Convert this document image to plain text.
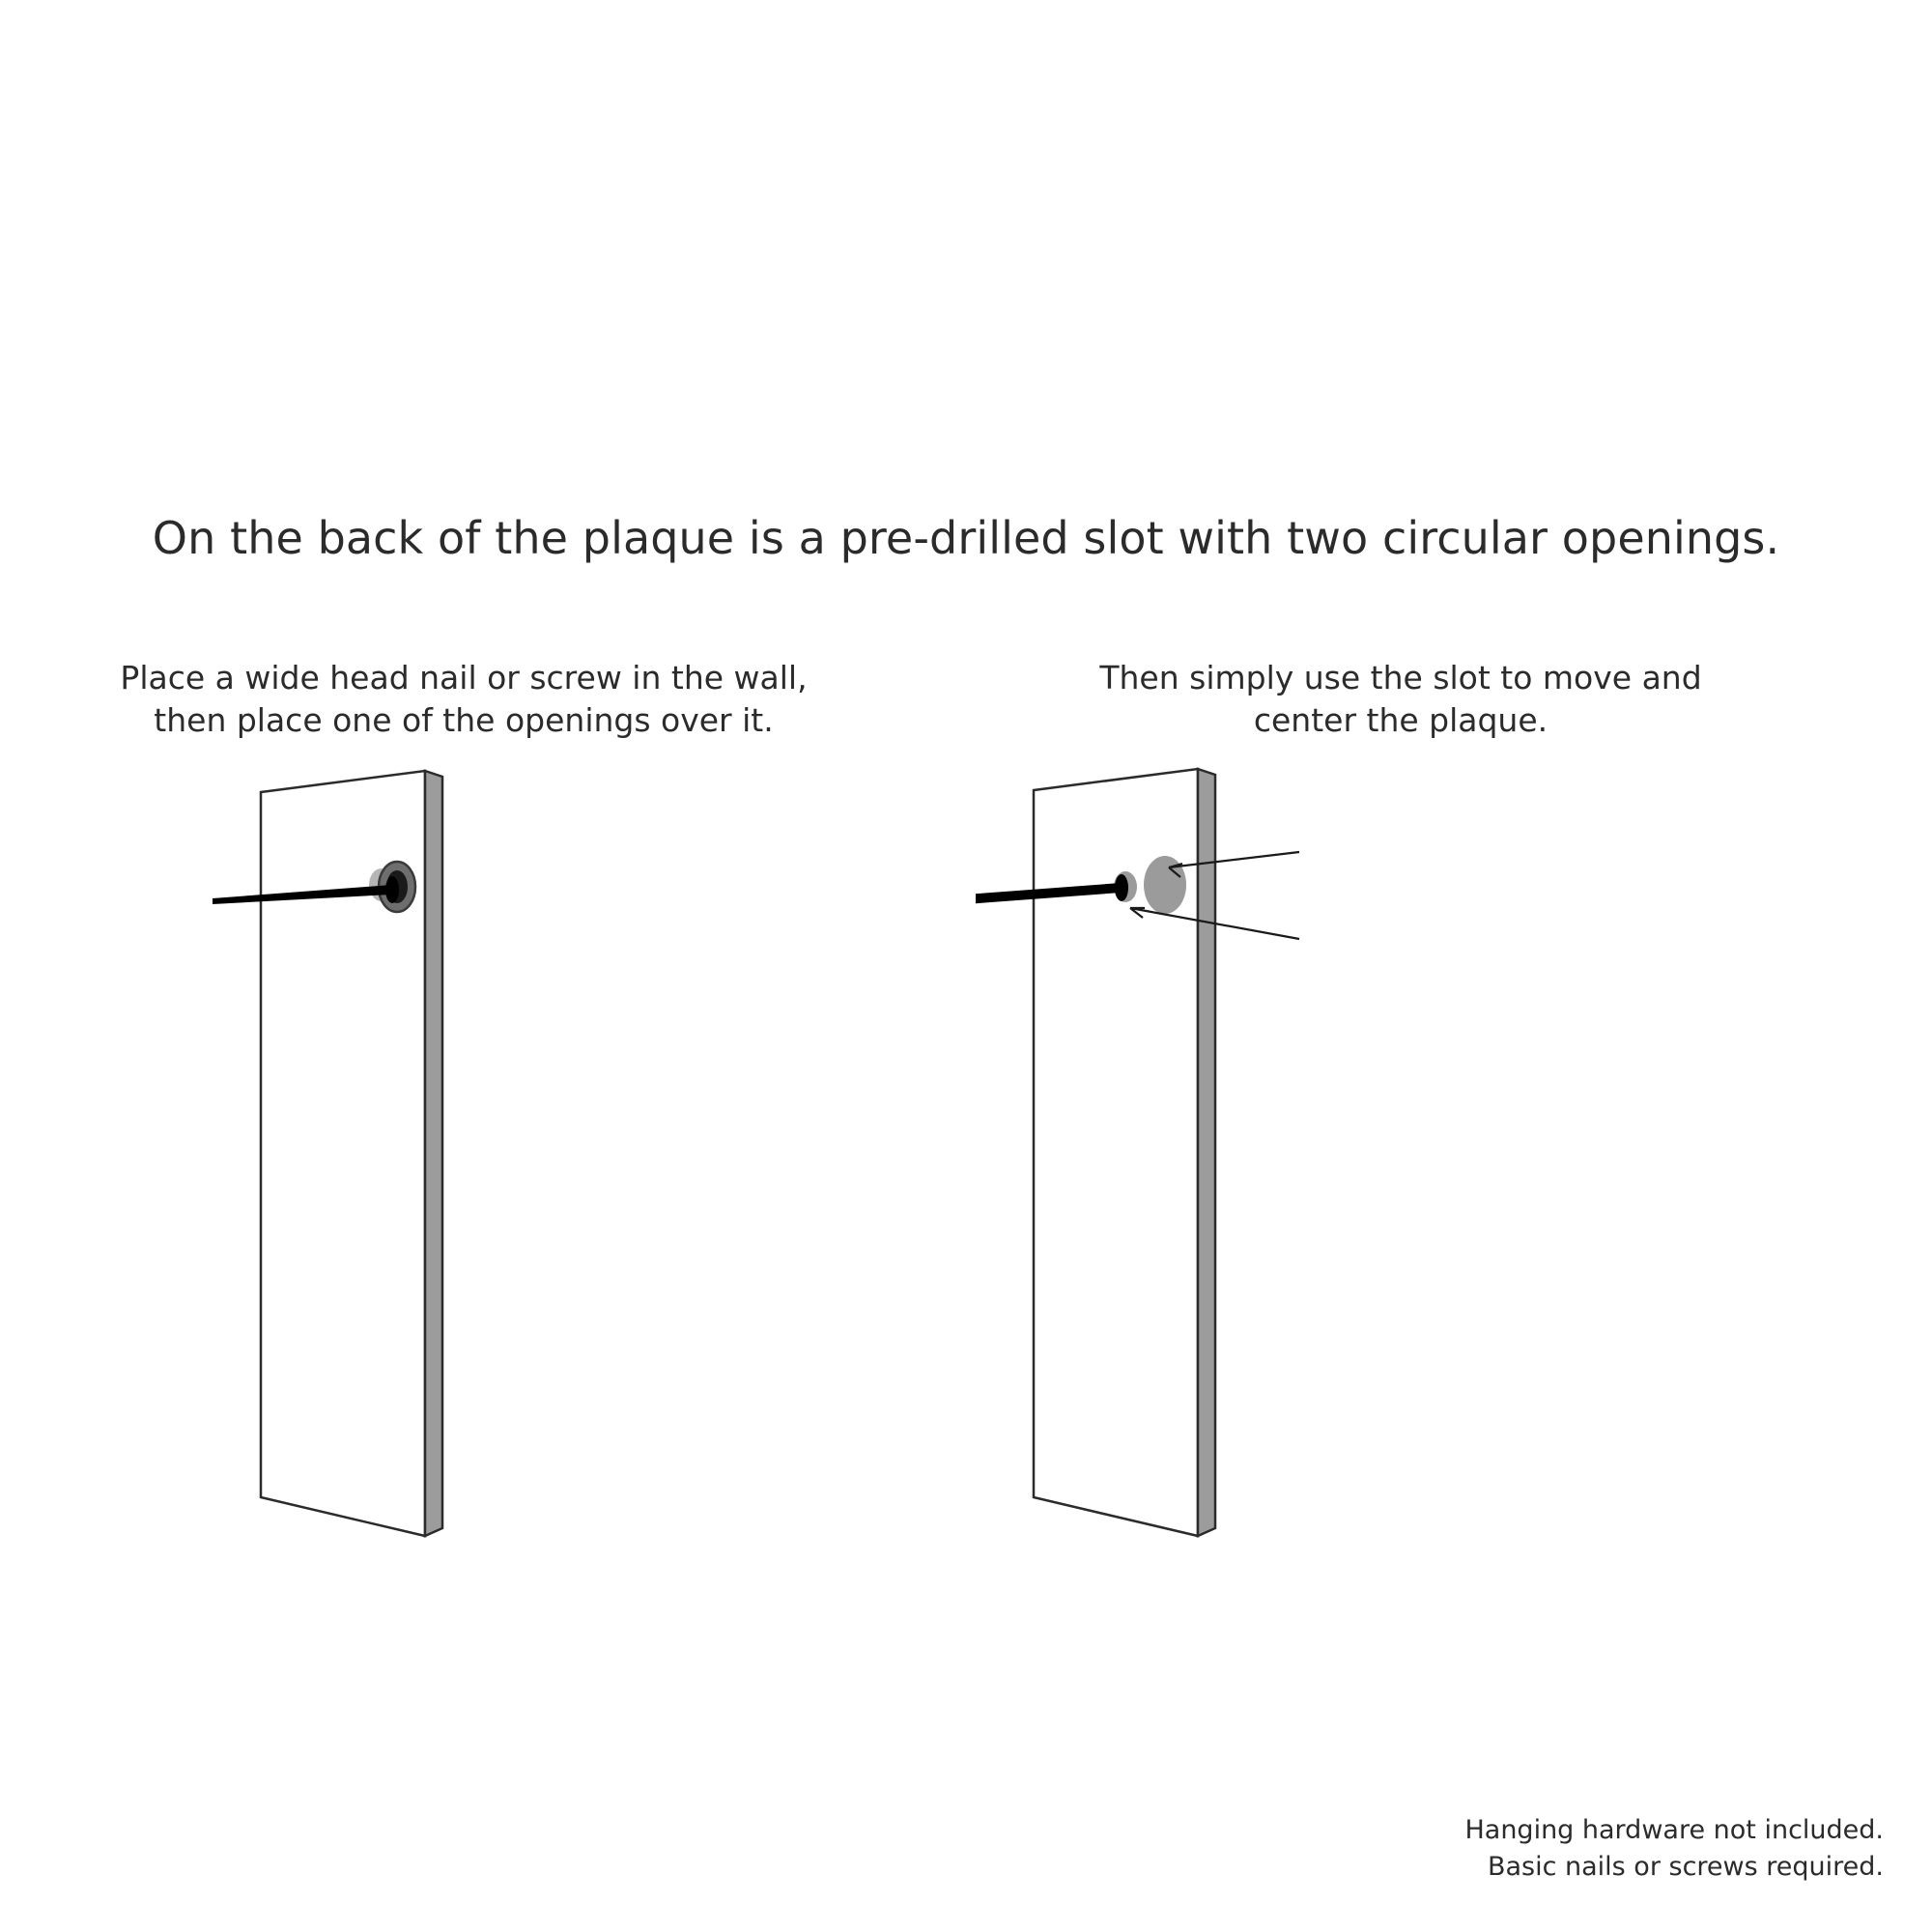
On the back of the plaque is a pre-drilled slot with two circular openings.
Place a wide head nail or screw in the wall,
then place one of the openings over it.
Then simply use the slot to move and
center the plaque.
Hanging hardware not included.
Basic nails or screws required.
